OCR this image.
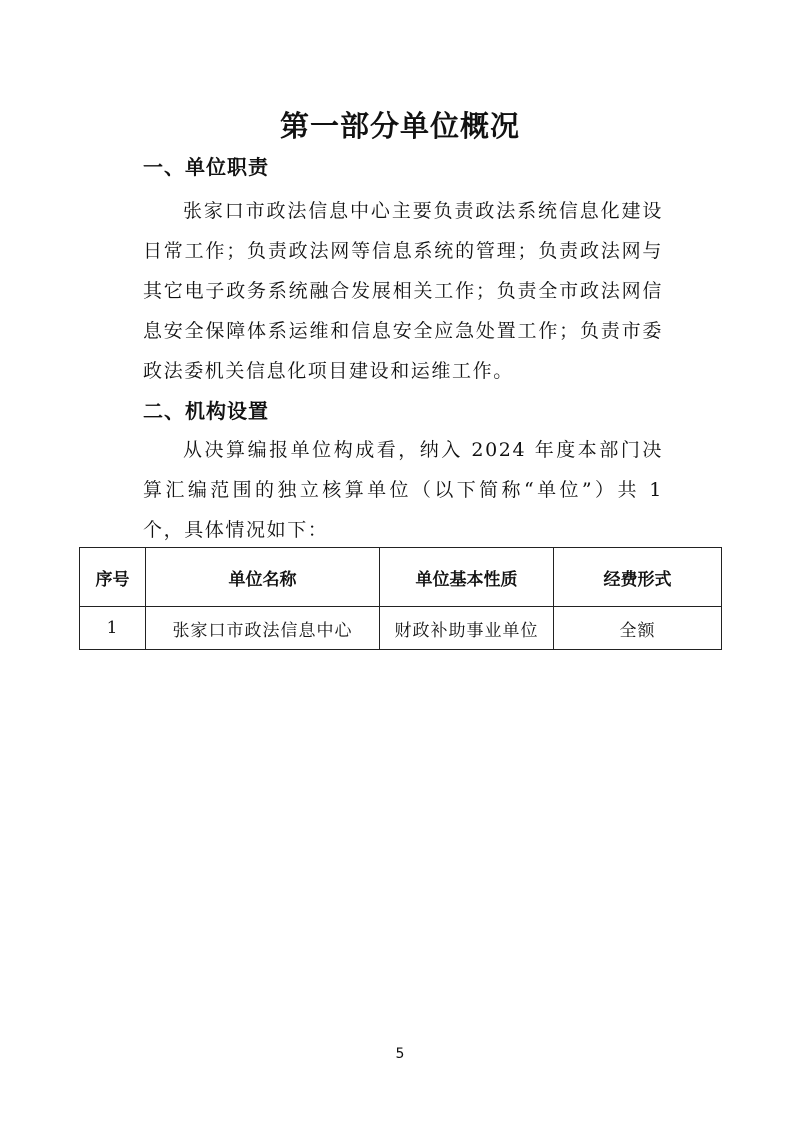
第一部分单位概况
一、单位职责

张家口市政法信息中心主要负责政法系统信息化建设日常工作；负责政法网等信息系统的管理；负责政法网与其它电子政务系统融合发展相关工作；负责全市政法网信息安全保障体系运维和信息安全应急处置工作；负责市委政法委机关信息化项目建设和运维工作。

二、机构设置

从决算编报单位构成看，纳入 2024 年度本部门决算汇编范围的独立核算单位（以下简称“单位”）共 1 个，具体情况如下：

序号	单位名称	单位基本性质	经费形式
1	张家口市政法信息中心	财政补助事业单位	全额
5
